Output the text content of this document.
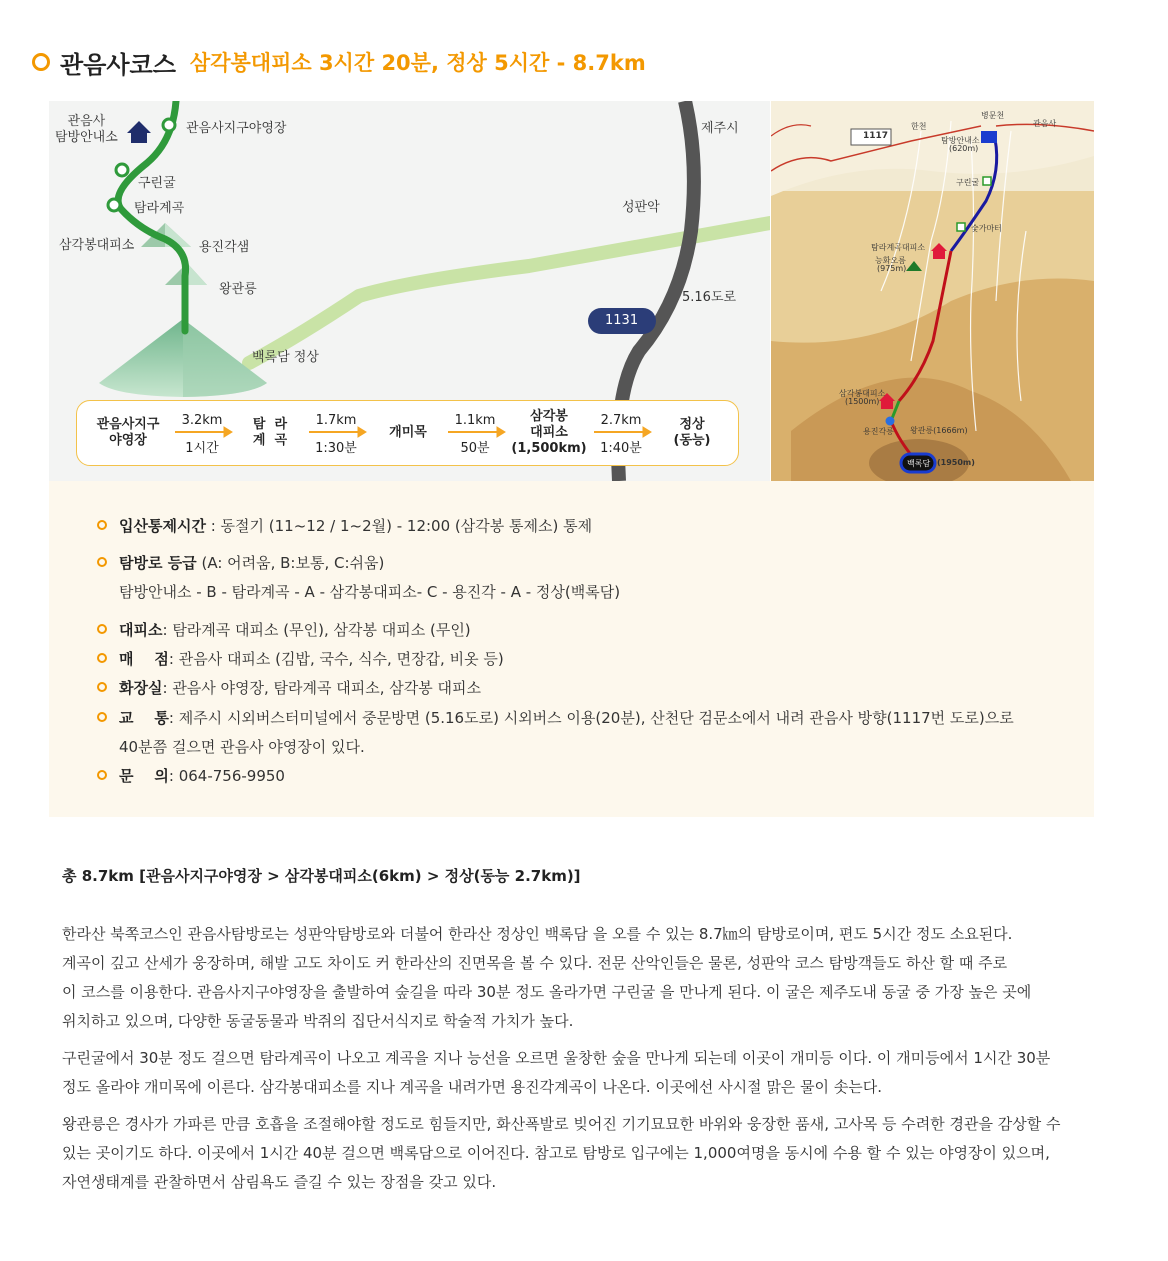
관음사코스 삼각봉대피소 3시간 20분, 정상 5시간 - 8.7km
관음사
탐방안내소
관음사지구야영장
구린굴
탐라계곡
삼각봉대피소	용진각샘
왕관릉
백록담 정상
제주시
성판악
5.16도로
1131
관음사지구
야영장
3.2km
1시간
탐  라
계  곡
1.7km
1:30분
개미목
1.1km
50분
삼각봉
대피소
(1,500km)
2.7km
1:40분
정상
(동능)
1117
한천
병문천
관음사
탐방안내소
(620m)
구린굴
숯가마터
탐라계곡대피소
능화오름
(975m)
삼각봉대피소
(1500m)
용진각릉 왕관릉(1666m)
백록담 (1950m)
입산통제시간 : 동절기 (11~12 / 1~2월) - 12:00 (삼각봉 통제소) 통제
탐방로 등급 (A: 어려움, B:보통, C:쉬움)
탐방안내소 - B - 탐라계곡 - A - 삼각봉대피소- C - 용진각 - A - 정상(백록담)
대피소: 탐라계곡 대피소 (무인), 삼각봉 대피소 (무인)
매    점: 관음사 대피소 (김밥, 국수, 식수, 면장갑, 비옷 등)
화장실: 관음사 야영장, 탐라계곡 대피소, 삼각봉 대피소
교    통: 제주시 시외버스터미널에서 중문방면 (5.16도로) 시외버스 이용(20분), 산천단 검문소에서 내려 관음사 방향(1117번 도로)으로
40분쯤 걸으면 관음사 야영장이 있다.
문    의: 064-756-9950
총 8.7km [관음사지구야영장 > 삼각봉대피소(6km) > 정상(동능 2.7km)]
한라산 북쪽코스인 관음사탐방로는 성판악탐방로와 더불어 한라산 정상인 백록담 을 오를 수 있는 8.7㎞의 탐방로이며, 편도 5시간 정도 소요된다.
계곡이 깊고 산세가 웅장하며, 해발 고도 차이도 커 한라산의 진면목을 볼 수 있다. 전문 산악인들은 물론, 성판악 코스 탐방객들도 하산 할 때 주로
이 코스를 이용한다. 관음사지구야영장을 출발하여 숲길을 따라 30분 정도 올라가면 구린굴 을 만나게 된다. 이 굴은 제주도내 동굴 중 가장 높은 곳에
위치하고 있으며, 다양한 동굴동물과 박쥐의 집단서식지로 학술적 가치가 높다.
구린굴에서 30분 정도 걸으면 탐라계곡이 나오고 계곡을 지나 능선을 오르면 울창한 숲을 만나게 되는데 이곳이 개미등 이다. 이 개미등에서 1시간 30분
정도 올라야 개미목에 이른다. 삼각봉대피소를 지나 계곡을 내려가면 용진각계곡이 나온다. 이곳에선 사시절 맑은 물이 솟는다.
왕관릉은 경사가 가파른 만큼 호흡을 조절해야할 정도로 힘들지만, 화산폭발로 빚어진 기기묘묘한 바위와 웅장한 품새, 고사목 등 수려한 경관을 감상할 수
있는 곳이기도 하다. 이곳에서 1시간 40분 걸으면 백록담으로 이어진다. 참고로 탐방로 입구에는 1,000여명을 동시에 수용 할 수 있는 야영장이 있으며,
자연생태계를 관찰하면서 삼림욕도 즐길 수 있는 장점을 갖고 있다.
